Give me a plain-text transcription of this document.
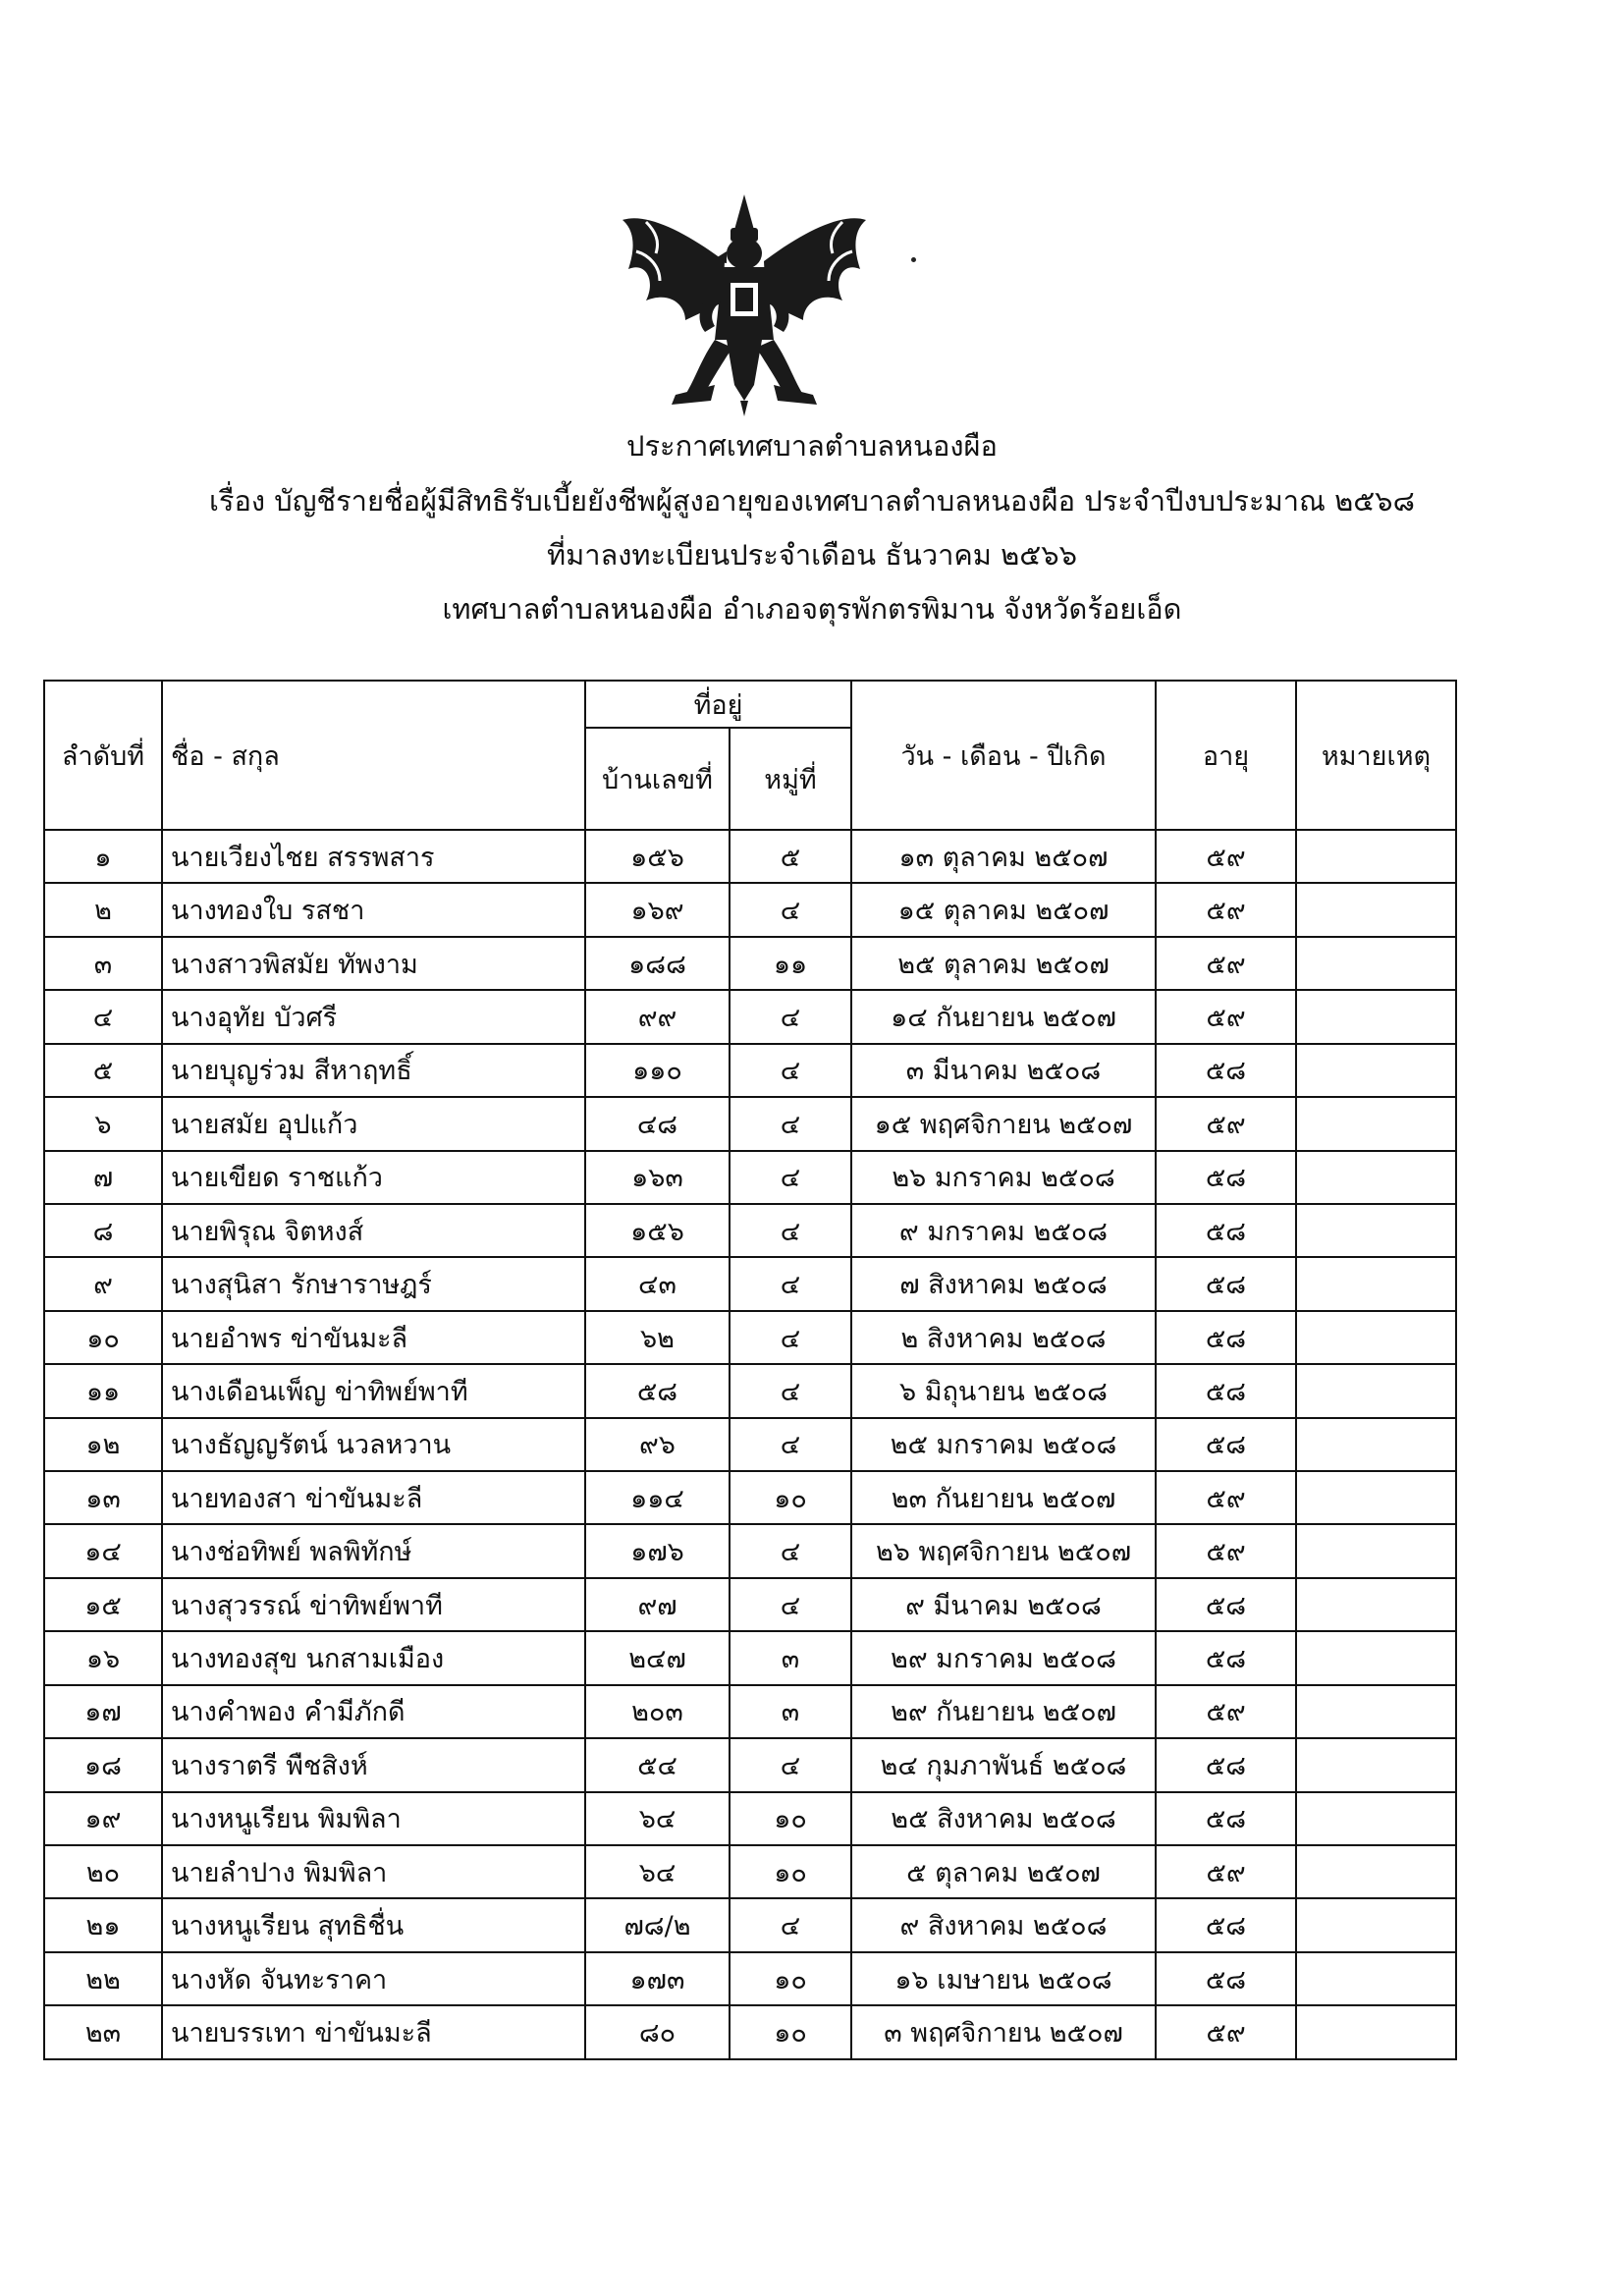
ประกาศเทศบาลตำบลหนองผือ
เรื่อง บัญชีรายชื่อผู้มีสิทธิรับเบี้ยยังชีพผู้สูงอายุของเทศบาลตำบลหนองผือ ประจำปีงบประมาณ ๒๕๖๘
ที่มาลงทะเบียนประจำเดือน ธันวาคม ๒๕๖๖
เทศบาลตำบลหนองผือ อำเภอจตุรพักตรพิมาน จังหวัดร้อยเอ็ด
ลำดับที่	ชื่อ - สกุล	ที่อยู่		วัน - เดือน - ปีเกิด	อายุ	หมายเหตุ
		บ้านเลขที่	หมู่ที่			
๑	นายเวียงไชย สรรพสาร	๑๕๖	๕	๑๓ ตุลาคม ๒๕๐๗	๕๙	
๒	นางทองใบ รสชา	๑๖๙	๔	๑๕ ตุลาคม ๒๕๐๗	๕๙	
๓	นางสาวพิสมัย ทัพงาม	๑๘๘	๑๑	๒๕ ตุลาคม ๒๕๐๗	๕๙	
๔	นางอุทัย บัวศรี	๙๙	๔	๑๔ กันยายน ๒๕๐๗	๕๙	
๕	นายบุญร่วม สีหาฤทธิ์	๑๑๐	๔	๓ มีนาคม ๒๕๐๘	๕๘	
๖	นายสมัย อุปแก้ว	๔๘	๔	๑๕ พฤศจิกายน ๒๕๐๗	๕๙	
๗	นายเขียด ราชแก้ว	๑๖๓	๔	๒๖ มกราคม ๒๕๐๘	๕๘	
๘	นายพิรุณ จิตหงส์	๑๕๖	๔	๙ มกราคม ๒๕๐๘	๕๘	
๙	นางสุนิสา รักษาราษฎร์	๔๓	๔	๗ สิงหาคม ๒๕๐๘	๕๘	
๑๐	นายอำพร ข่าขันมะลี	๖๒	๔	๒ สิงหาคม ๒๕๐๘	๕๘	
๑๑	นางเดือนเพ็ญ ข่าทิพย์พาที	๕๘	๔	๖ มิถุนายน ๒๕๐๘	๕๘	
๑๒	นางธัญญรัตน์ นวลหวาน	๙๖	๔	๒๕ มกราคม ๒๕๐๘	๕๘	
๑๓	นายทองสา ข่าขันมะลี	๑๑๔	๑๐	๒๓ กันยายน ๒๕๐๗	๕๙	
๑๔	นางช่อทิพย์ พลพิทักษ์	๑๗๖	๔	๒๖ พฤศจิกายน ๒๕๐๗	๕๙	
๑๕	นางสุวรรณ์ ข่าทิพย์พาที	๙๗	๔	๙ มีนาคม ๒๕๐๘	๕๘	
๑๖	นางทองสุข นกสามเมือง	๒๔๗	๓	๒๙ มกราคม ๒๕๐๘	๕๘	
๑๗	นางคำพอง คำมีภักดี	๒๐๓	๓	๒๙ กันยายน ๒๕๐๗	๕๙	
๑๘	นางราตรี พืชสิงห์	๕๔	๔	๒๔ กุมภาพันธ์ ๒๕๐๘	๕๘	
๑๙	นางหนูเรียน พิมพิลา	๖๔	๑๐	๒๕ สิงหาคม ๒๕๐๘	๕๘	
๒๐	นายลำปาง พิมพิลา	๖๔	๑๐	๕ ตุลาคม ๒๕๐๗	๕๙	
๒๑	นางหนูเรียน สุทธิชื่น	๗๘/๒	๔	๙ สิงหาคม ๒๕๐๘	๕๘	
๒๒	นางหัด จันทะราคา	๑๗๓	๑๐	๑๖ เมษายน ๒๕๐๘	๕๘	
๒๓	นายบรรเทา ข่าขันมะลี	๘๐	๑๐	๓ พฤศจิกายน ๒๕๐๗	๕๙	
